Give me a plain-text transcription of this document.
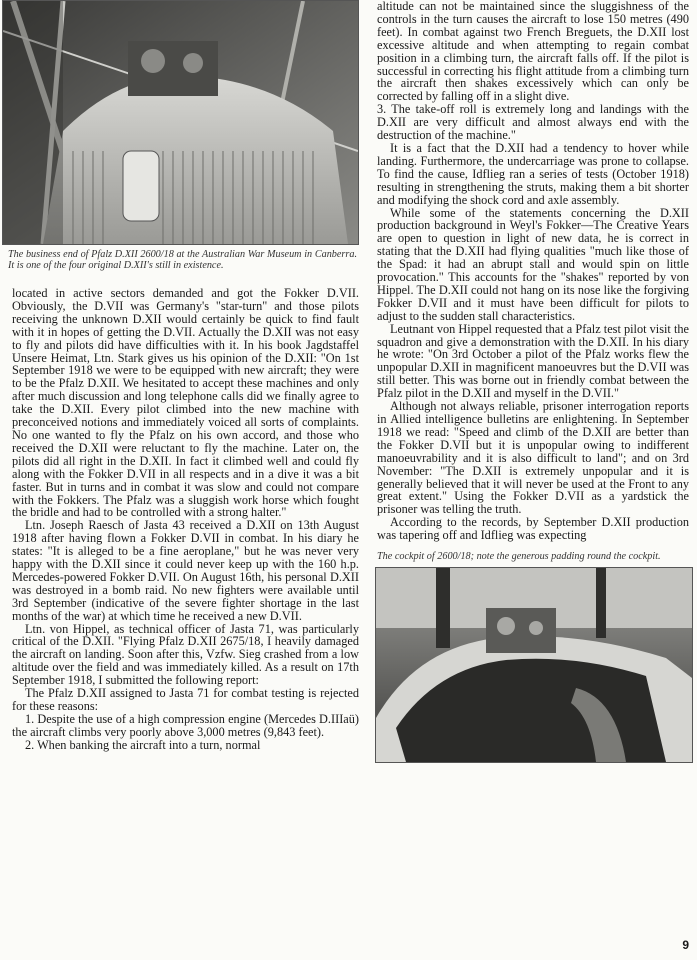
The business end of Pfalz D.XII 2600/18 at the Australian War Museum in Canberra. It is one of the four original D.XII's still in existence.

located in active sectors demanded and got the Fokker D.VII. Obviously, the D.VII was Germany's "star-turn" and those pilots receiving the unknown D.XII would certainly be quick to find fault with it in hopes of getting the D.VII. Actually the D.XII was not easy to fly and pilots did have difficulties with it. In his book Jagdstaffel Unsere Heimat, Ltn. Stark gives us his opinion of the D.XII: "On 1st September 1918 we were to be equipped with new aircraft; they were to be the Pfalz D.XII. We hesitated to accept these machines and only after much discussion and long telephone calls did we finally agree to take the D.XII. Every pilot climbed into the new machine with preconceived notions and immediately voiced all sorts of complaints. No one wanted to fly the Pfalz on his own accord, and those who received the D.XII were reluctant to fly the machine. Later on, the pilots did all right in the D.XII. In fact it climbed well and could fly along with the Fokker D.VII in all respects and in a dive it was a bit faster. But in turns and in combat it was slow and could not compare with the Fokkers. The Pfalz was a sluggish work horse which fought the bridle and had to be controlled with a strong halter."

Ltn. Joseph Raesch of Jasta 43 received a D.XII on 13th August 1918 after having flown a Fokker D.VII in combat. In his diary he states: "It is alleged to be a fine aeroplane," but he was never very happy with the D.XII since it could never keep up with the 160 h.p. Mercedes-powered Fokker D.VII. On August 16th, his personal D.XII was destroyed in a bomb raid. No new fighters were available until 3rd September (indicative of the severe fighter shortage in the last months of the war) at which time he received a new D.VII.

Ltn. von Hippel, as technical officer of Jasta 71, was particularly critical of the D.XII. "Flying Pfalz D.XII 2675/18, I heavily damaged the aircraft on landing. Soon after this, Vzfw. Sieg crashed from a low altitude over the field and was immediately killed. As a result on 17th September 1918, I submitted the following report:

The Pfalz D.XII assigned to Jasta 71 for combat testing is rejected for these reasons:

1. Despite the use of a high compression engine (Mercedes D.IIIaü) the aircraft climbs very poorly above 3,000 metres (9,843 feet).

2. When banking the aircraft into a turn, normal

altitude can not be maintained since the sluggishness of the controls in the turn causes the aircraft to lose 150 metres (490 feet). In combat against two French Breguets, the D.XII lost excessive altitude and when attempting to regain combat position in a climbing turn, the aircraft falls off. If the pilot is successful in correcting his flight attitude from a climbing turn the aircraft then shakes excessively which can only be corrected by falling off in a slight dive.

3. The take-off roll is extremely long and landings with the D.XII are very difficult and almost always end with the destruction of the machine."

It is a fact that the D.XII had a tendency to hover while landing. Furthermore, the undercarriage was prone to collapse. To find the cause, Idflieg ran a series of tests (October 1918) resulting in strengthening the struts, making them a bit shorter and modifying the shock cord and axle assembly.

While some of the statements concerning the D.XII production background in Weyl's Fokker—The Creative Years are open to question in light of new data, he is correct in stating that the D.XII had flying qualities "much like those of the Spad: it had an abrupt stall and would spin on little provocation." This accounts for the "shakes" reported by von Hippel. The D.XII could not hang on its nose like the forgiving Fokker D.VII and it must have been difficult for pilots to adjust to the sudden stall characteristics.

Leutnant von Hippel requested that a Pfalz test pilot visit the squadron and give a demonstration with the D.XII. In his diary he wrote: "On 3rd October a pilot of the Pfalz works flew the unpopular D.XII in magnificent manoeuvres but the D.VII was still better. This was borne out in friendly combat between the Pfalz pilot in the D.XII and myself in the D.VII."

Although not always reliable, prisoner interrogation reports in Allied intelligence bulletins are enlightening. In September 1918 we read: "Speed and climb of the D.XII are better than the Fokker D.VII but it is unpopular owing to indifferent manoeuvrability and it is also difficult to land"; and on 3rd November: "The D.XII is extremely unpopular and it is generally believed that it will never be used at the Front to any great extent." Using the Fokker D.VII as a yardstick the prisoner was telling the truth.

According to the records, by September D.XII production was tapering off and Idflieg was expecting

The cockpit of 2600/18; note the generous padding round the cockpit.
9
